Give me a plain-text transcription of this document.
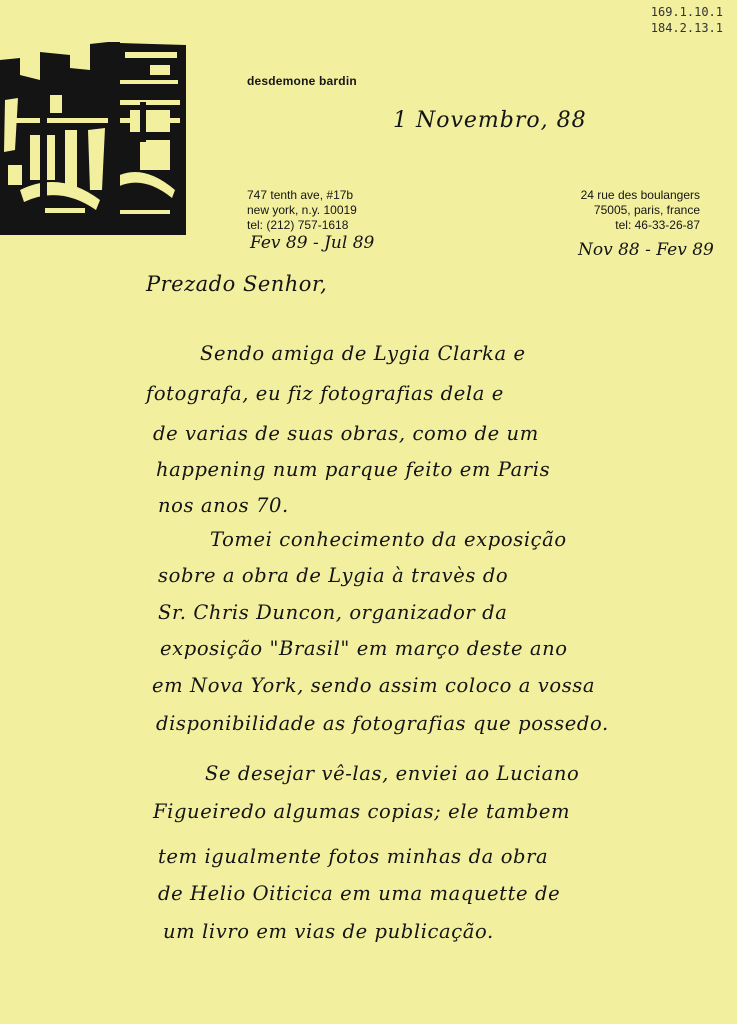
169.1.10.1
184.2.13.1
desdemone bardin
747 tenth ave, #17b
new york, n.y. 10019
tel: (212) 757-1618
24 rue des boulangers
75005, paris, france
tel: 46-33-26-87
1 Novembro, 88
Fev 89 - Jul 89	Nov 88 - Fev 89
Prezado Senhor,
Sendo amiga de Lygia Clarka e
fotografa, eu fiz fotografias dela e
de varias de suas obras, como de um
happening num parque feito em Paris
nos anos 70.
Tomei conhecimento da exposição
sobre a obra de Lygia à travès do
Sr. Chris Duncon, organizador da
exposição "Brasil" em março deste ano
em Nova York, sendo assim coloco a vossa
disponibilidade as fotografias que possedo.
Se desejar vê-las, enviei ao Luciano
Figueiredo algumas copias; ele tambem
tem igualmente fotos minhas da obra
de Helio Oiticica em uma maquette de
um livro em vias de publicação.
